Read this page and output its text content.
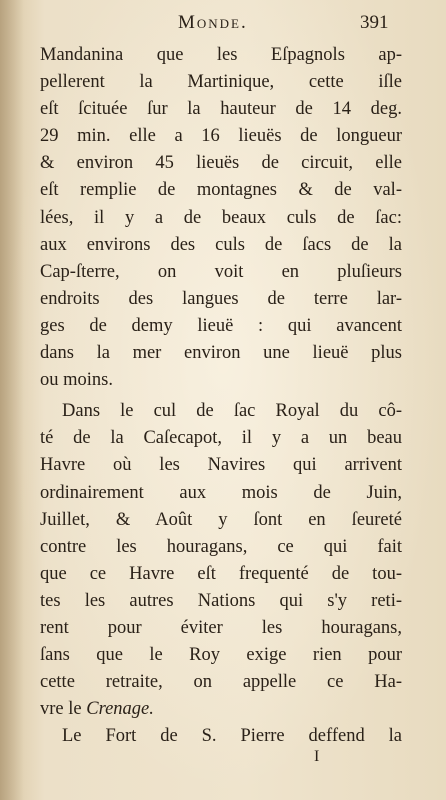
Monde.	391
Mandanina que les Eſpagnols ap-
pellerent la Martinique, cette iſle
eſt ſcituée ſur la hauteur de 14 deg.
29 min. elle a 16 lieuës de longueur
& environ 45 lieuës de circuit, elle
eſt remplie de montagnes & de val-
lées, il y a de beaux culs de ſac:
aux environs des culs de ſacs de la
Cap-ſterre, on voit en pluſieurs
endroits des langues de terre lar-
ges de demy lieuë : qui avancent
dans la mer environ une lieuë plus
ou moins.
Dans le cul de ſac Royal du cô-
té de la Caſecapot, il y a un beau
Havre où les Navires qui arrivent
ordinairement aux mois de Juin,
Juillet, & Août y ſont en ſeureté
contre les houragans, ce qui fait
que ce Havre eſt frequenté de tou-
tes les autres Nations qui s'y reti-
rent pour éviter les houragans,
ſans que le Roy exige rien pour
cette retraite, on appelle ce Ha-
vre le Crenage.
Le Fort de S. Pierre deffend la
I
